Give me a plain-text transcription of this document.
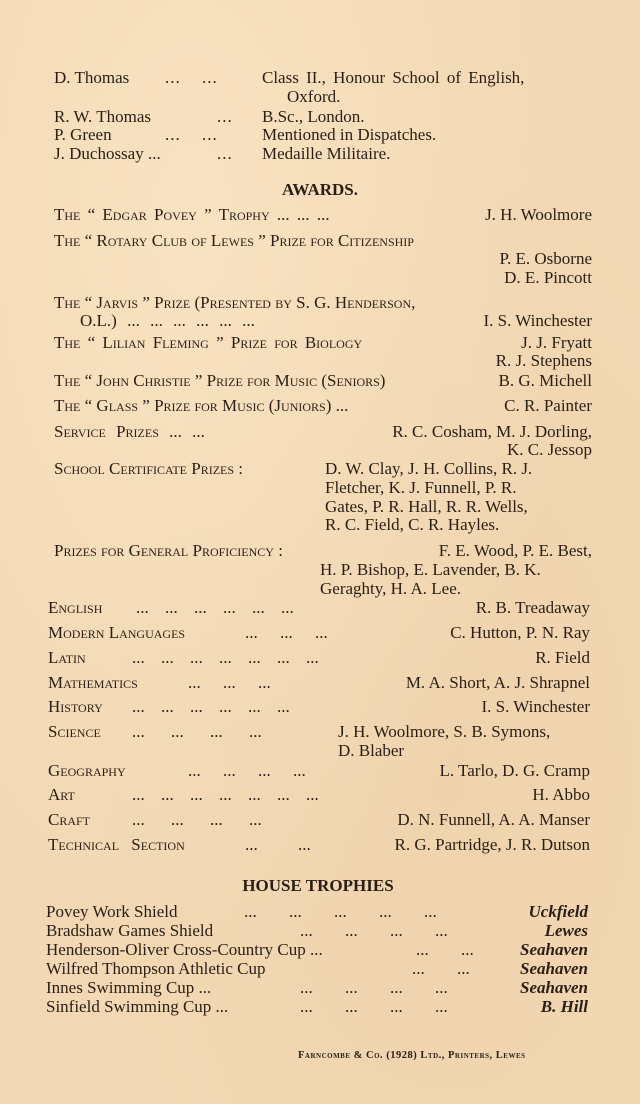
D. Thomas ... ...	Class II., Honour School of English,
Oxford.
R. W. Thomas	... B.Sc., London.
P. Green	... ...	Mentioned in Dispatches.
J. Duchossay ...	... Medaille Militaire.
AWARDS.
The “ Edgar Povey ” Trophy ... ... ...	J. H. Woolmore
The “ Rotary Club of Lewes ” Prize for Citizenship
P. E. Osborne
D. E. Pincott
The “ Jarvis ” Prize (Presented by S. G. Henderson,
O.L.) ... ... ... ... ... ...	I. S. Winchester
The “ Lilian Fleming ” Prize for Biology	J. J. Fryatt
R. J. Stephens
The “ John Christie ” Prize for Music (Seniors)	B. G. Michell
The “ Glass ” Prize for Music (Juniors) ...	C. R. Painter
Service Prizes ... ...	R. C. Cosham, M. J. Dorling,
K. C. Jessop
School Certificate Prizes :	D. W. Clay, J. H. Collins, R. J.
Fletcher, K. J. Funnell, P. R.
Gates, P. R. Hall, R. R. Wells,
R. C. Field, C. R. Hayles.
Prizes for General Proficiency :	F. E. Wood, P. E. Best,
H. P. Bishop, E. Lavender, B. K.
Geraghty, H. A. Lee.
English ... ... ... ... ... ...	R. B. Treadaway
Modern Languages	... ... ...	C. Hutton, P. N. Ray
Latin	... ... ... ... ... ... ...	R. Field
Mathematics	... ... ...	M. A. Short, A. J. Shrapnel
History ... ... ... ... ... ...	I. S. Winchester
Science ... ... ... ...	J. H. Woolmore, S. B. Symons,
D. Blaber
Geography	... ... ... ...	L. Tarlo, D. G. Cramp
Art	... ... ... ... ... ... ...	H. Abbo
Craft ... ... ... ...	D. N. Funnell, A. A. Manser
Technical Section	... ...	R. G. Partridge, J. R. Dutson
HOUSE TROPHIES
Povey Work Shield	... ... ... ... ...	Uckfield
Bradshaw Games Shield	... ... ... ...	Lewes
Henderson-Oliver Cross-Country Cup ...	... ...	Seahaven
Wilfred Thompson Athletic Cup	... ...	Seahaven
Innes Swimming Cup ...	... ... ... ...	Seahaven
Sinfield Swimming Cup ...	... ... ... ...	B. Hill
Farncombe & Co. (1928) Ltd., Printers, Lewes
